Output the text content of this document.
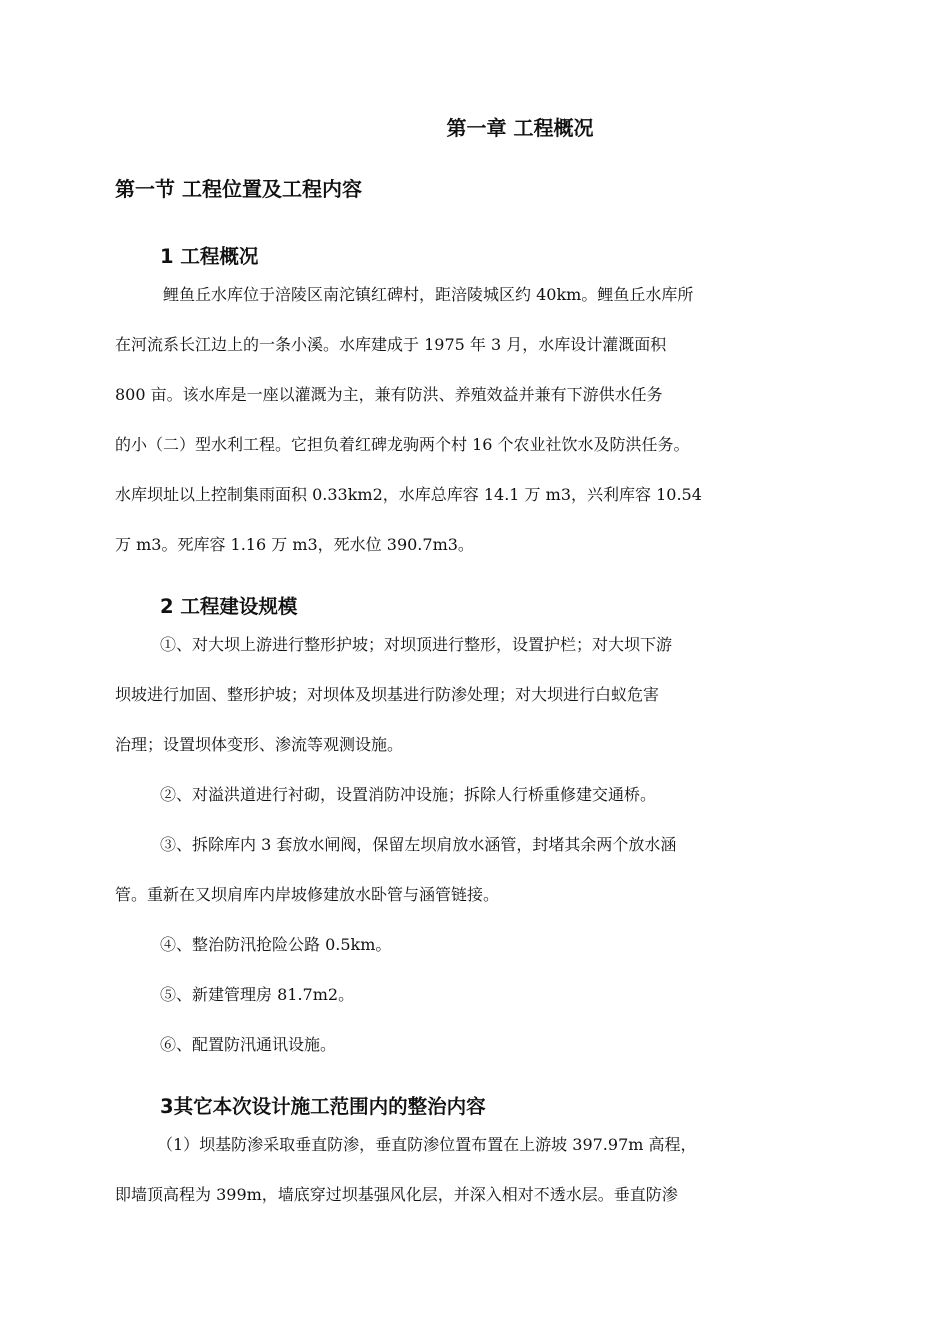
第一章 工程概况
第一节 工程位置及工程内容
1 工程概况
鲤鱼丘水库位于涪陵区南沱镇红碑村，距涪陵城区约 40km。鲤鱼丘水库所
在河流系长江边上的一条小溪。水库建成于 1975 年 3 月，水库设计灌溉面积
800 亩。该水库是一座以灌溉为主，兼有防洪、养殖效益并兼有下游供水任务
的小（二）型水利工程。它担负着红碑龙驹两个村 16 个农业社饮水及防洪任务。
水库坝址以上控制集雨面积 0.33km2，水库总库容 14.1 万 m3，兴利库容 10.54
万 m3。死库容 1.16 万 m3，死水位 390.7m3。
2 工程建设规模
①、对大坝上游进行整形护坡；对坝顶进行整形，设置护栏；对大坝下游
坝坡进行加固、整形护坡；对坝体及坝基进行防渗处理；对大坝进行白蚁危害
治理；设置坝体变形、渗流等观测设施。
②、对溢洪道进行衬砌，设置消防冲设施；拆除人行桥重修建交通桥。
③、拆除库内 3 套放水闸阀，保留左坝肩放水涵管，封堵其余两个放水涵
管。重新在又坝肩库内岸坡修建放水卧管与涵管链接。
④、整治防汛抢险公路 0.5km。
⑤、新建管理房 81.7m2。
⑥、配置防汛通讯设施。
3其它本次设计施工范围内的整治内容
（1）坝基防渗采取垂直防渗，垂直防渗位置布置在上游坡 397.97m 高程，
即墙顶高程为 399m，墙底穿过坝基强风化层，并深入相对不透水层。垂直防渗
